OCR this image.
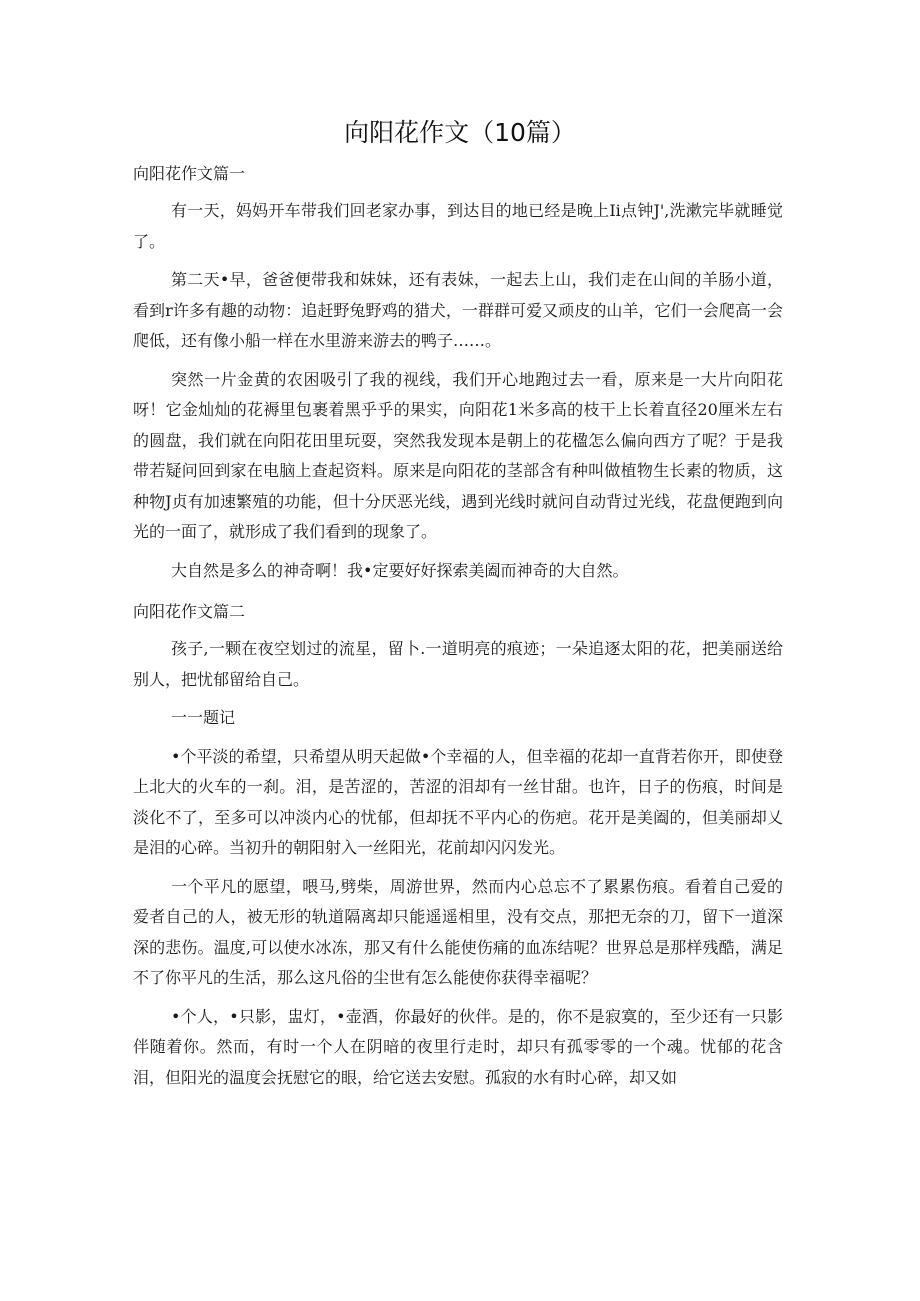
向阳花作文（10篇）
向阳花作文篇一

有一天，妈妈开车带我们回老家办事，到达目的地已经是晚上Ii点钟J',洗漱完毕就睡觉了。

第二天•早，爸爸便带我和妹妹，还有表妹，一起去上山，我们走在山间的羊肠小道，看到r许多有趣的动物：追赶野兔野鸡的猎犬，一群群可爱又顽皮的山羊，它们一会爬高一会爬低，还有像小船一样在水里游来游去的鸭子……。

突然一片金黄的农困吸引了我的视线，我们开心地跑过去一看，原来是一大片向阳花呀！它金灿灿的花褥里包裹着黑乎乎的果实，向阳花1米多高的枝干上长着直径20厘米左右的圆盘，我们就在向阳花田里玩耍，突然我发现本是朝上的花楹怎么偏向西方了呢？于是我带若疑问回到家在电脑上查起资料。原来是向阳花的茎部含有种叫做植物生长素的物质，这种物J贞有加速繁殖的功能，但十分厌恶光线，遇到光线时就问自动背过光线，花盘便跑到向光的一面了，就形成了我们看到的现象了。

大自然是多么的神奇啊！我•定要好好探索美阖而神奇的大自然。

向阳花作文篇二

孩子,一颗在夜空划过的流星，留卜.一道明亮的痕迹；一朵追逐太阳的花，把美丽送给别人，把忧郁留给自己。

一一题记

•个平淡的希望，只希望从明天起做•个幸福的人，但幸福的花却一直背若你开，即使登上北大的火车的一刹。泪，是苦涩的，苦涩的泪却有一丝甘甜。也许，日子的伤痕，时间是淡化不了，至多可以冲淡内心的忧郁，但却抚不平内心的伤疤。花开是美阖的，但美丽却乂是泪的心碎。当初升的朝阳射入一丝阳光，花前却闪闪发光。

一个平凡的愿望，喂马,劈柴，周游世界，然而内心总忘不了累累伤痕。看着自己爱的爱者自己的人，被无形的轨道隔离却只能遥遥相里，没有交点，那把无奈的刀，留下一道深深的悲伤。温度,可以使水冰冻，那又有什么能使伤痛的血冻结呢？世界总是那样残酷，满足不了你平凡的生活，那么这凡俗的尘世有怎么能使你获得幸福呢？

•个人，•只影，盅灯，•壶酒，你最好的伙伴。是的，你不是寂寞的，至少还有一只影伴随着你。然而，有时一个人在阴暗的夜里行走时，却只有孤零零的一个魂。忧郁的花含泪，但阳光的温度会抚慰它的眼，给它送去安慰。孤寂的水有时心碎，却又如
